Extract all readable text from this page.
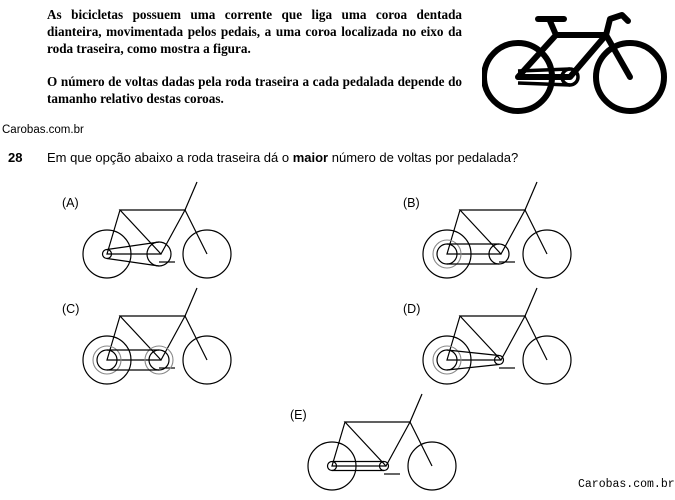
As bicicletas possuem uma corrente que liga uma coroa dentada dianteira, movimentada pelos pedais, a uma coroa localizada no eixo da roda traseira, como mostra a figura.

O número de voltas dadas pela roda traseira a cada pedalada depende do tamanho relativo destas coroas.

Carobas.com.br
28 Em que opção abaixo a roda traseira dá o maior número de voltas por pedalada?
(A)	(B)
(C)	(D)
(E)
Carobas.com.br
